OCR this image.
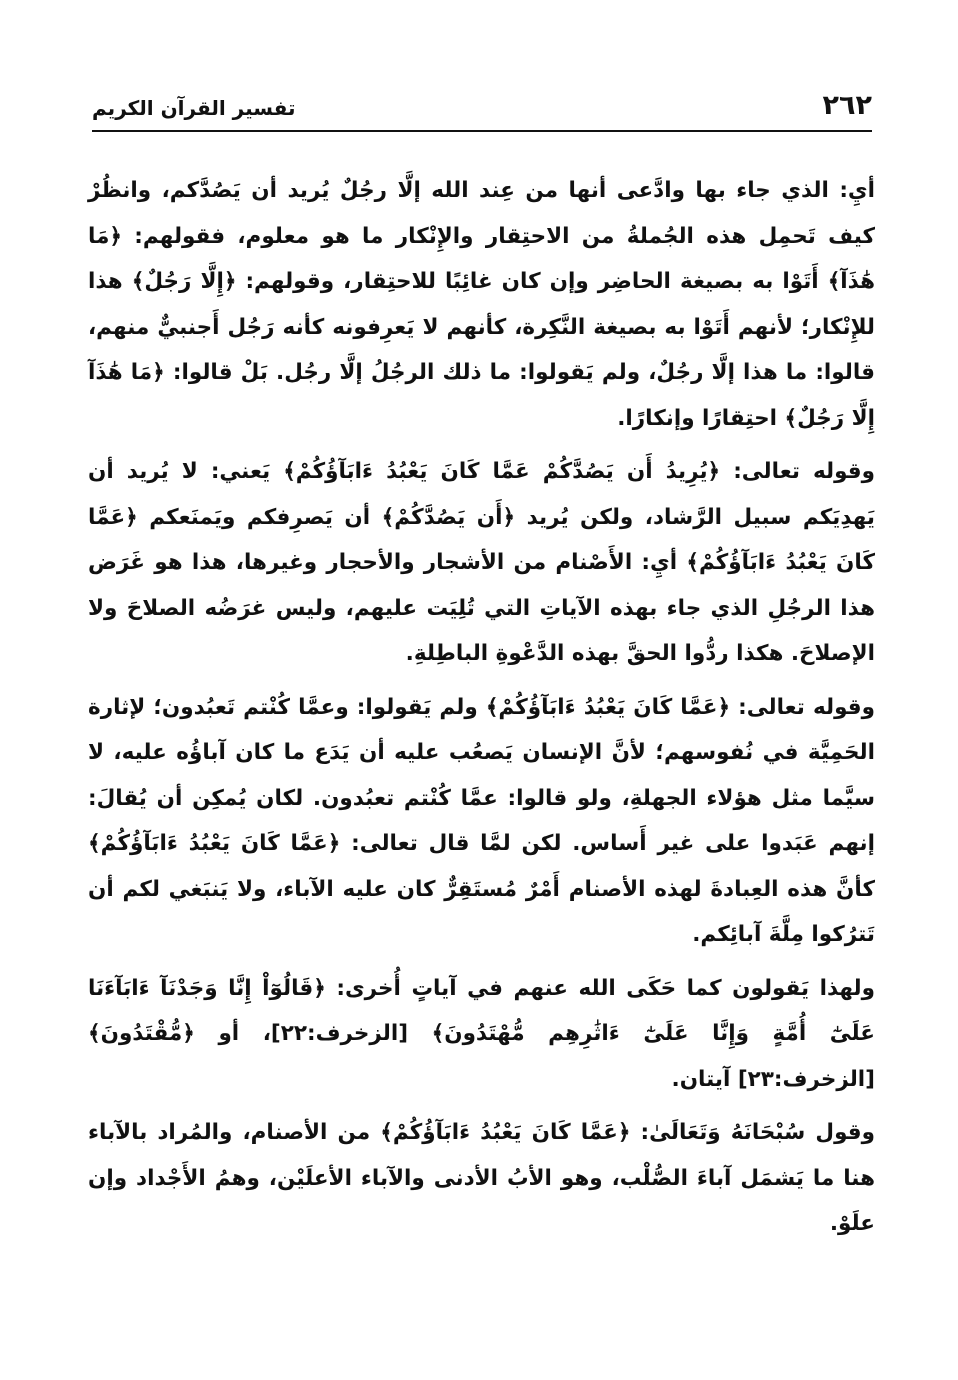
٢٦٢
تفسير القرآن الكريم

أيِ: الذي جاء بها وادَّعى أنها من عِند الله إلَّا رجُلٌ يُريد أن يَصُدَّكم، وانظُرْ كيف تَحمِل هذه الجُملةُ من الاحتِقار والإِنْكار ما هو معلوم، فقولهم: ﴿مَا هَٰذَآ﴾ أَتَوْا به بصيغة الحاضِر وإن كان غائِبًا للاحتِقار، وقولهم: ﴿إِلَّا رَجُلٌ﴾ هذا للإِنْكار؛ لأنهم أَتَوْا به بصيغة النَّكِرة، كأنهم لا يَعرِفونه كأنه رَجُل أَجنبيٌّ منهم، قالوا: ما هذا إلَّا رجُلٌ، ولم يَقولوا: ما ذلك الرجُلُ إلَّا رجُل. بَلْ قالوا: ﴿مَا هَٰذَآ إِلَّا رَجُلٌ﴾ احتِقارًا وإنكارًا.

وقوله تعالى: ﴿يُرِيدُ أَن يَصُدَّكُمْ عَمَّا كَانَ يَعْبُدُ ءَابَآؤُكُمْ﴾ يَعني: لا يُريد أن يَهدِيَكم سبيل الرَّشاد، ولكن يُريد ﴿أَن يَصُدَّكُمْ﴾ أن يَصرِفكم ويَمنَعكم ﴿عَمَّا كَانَ يَعْبُدُ ءَابَآؤُكُمْ﴾ أيِ: الأَصْنام من الأشجار والأحجار وغيرها، هذا هو غَرَض هذا الرجُلِ الذي جاء بهذه الآياتِ التي تُلِيَت عليهم، وليس غرَضُه الصلاحَ ولا الإصلاحَ. هكذا ردُّوا الحقَّ بهذه الدَّعْوةِ الباطِلةِ.

وقوله تعالى: ﴿عَمَّا كَانَ يَعْبُدُ ءَابَآؤُكُمْ﴾ ولم يَقولوا: وعمَّا كُنْتم تَعبُدون؛ لإثارة الحَمِيَّة في نُفوسهم؛ لأنَّ الإنسان يَصعُب عليه أن يَدَع ما كان آباؤُه عليه، لا سيَّما مثل هؤلاء الجهلةِ، ولو قالوا: عمَّا كُنْتم تعبُدون. لكان يُمكِن أن يُقالَ: إنهم عَبَدوا على غير أَساس. لكن لمَّا قال تعالى: ﴿عَمَّا كَانَ يَعْبُدُ ءَابَآؤُكُمْ﴾ كأنَّ هذه العِبادةَ لهذه الأصنام أَمْرٌ مُستَقِرٌّ كان عليه الآباء، ولا يَنبَغي لكم أن تَترُكوا مِلَّةَ آبائِكم.

ولهذا يَقولون كما حَكَى الله عنهم في آياتٍ أُخرى: ﴿قَالُوٓاْ إِنَّا وَجَدْنَآ ءَابَآءَنَا عَلَىٰٓ أُمَّةٍ وَإِنَّا عَلَىٰٓ ءَاثَٰرِهِم مُّهْتَدُونَ﴾ [الزخرف:٢٢]، أو ﴿مُّقْتَدُونَ﴾ [الزخرف:٢٣] آيتان.

وقول سُبْحَانَهُ وَتَعَالَىٰ: ﴿عَمَّا كَانَ يَعْبُدُ ءَابَآؤُكُمْ﴾ من الأصنام، والمُراد بالآباء هنا ما يَشمَل آباءَ الصُّلْب، وهو الأبُ الأدنى والآباء الأعلَيْن، وهمُ الأَجْداد وإن علَوْ.
